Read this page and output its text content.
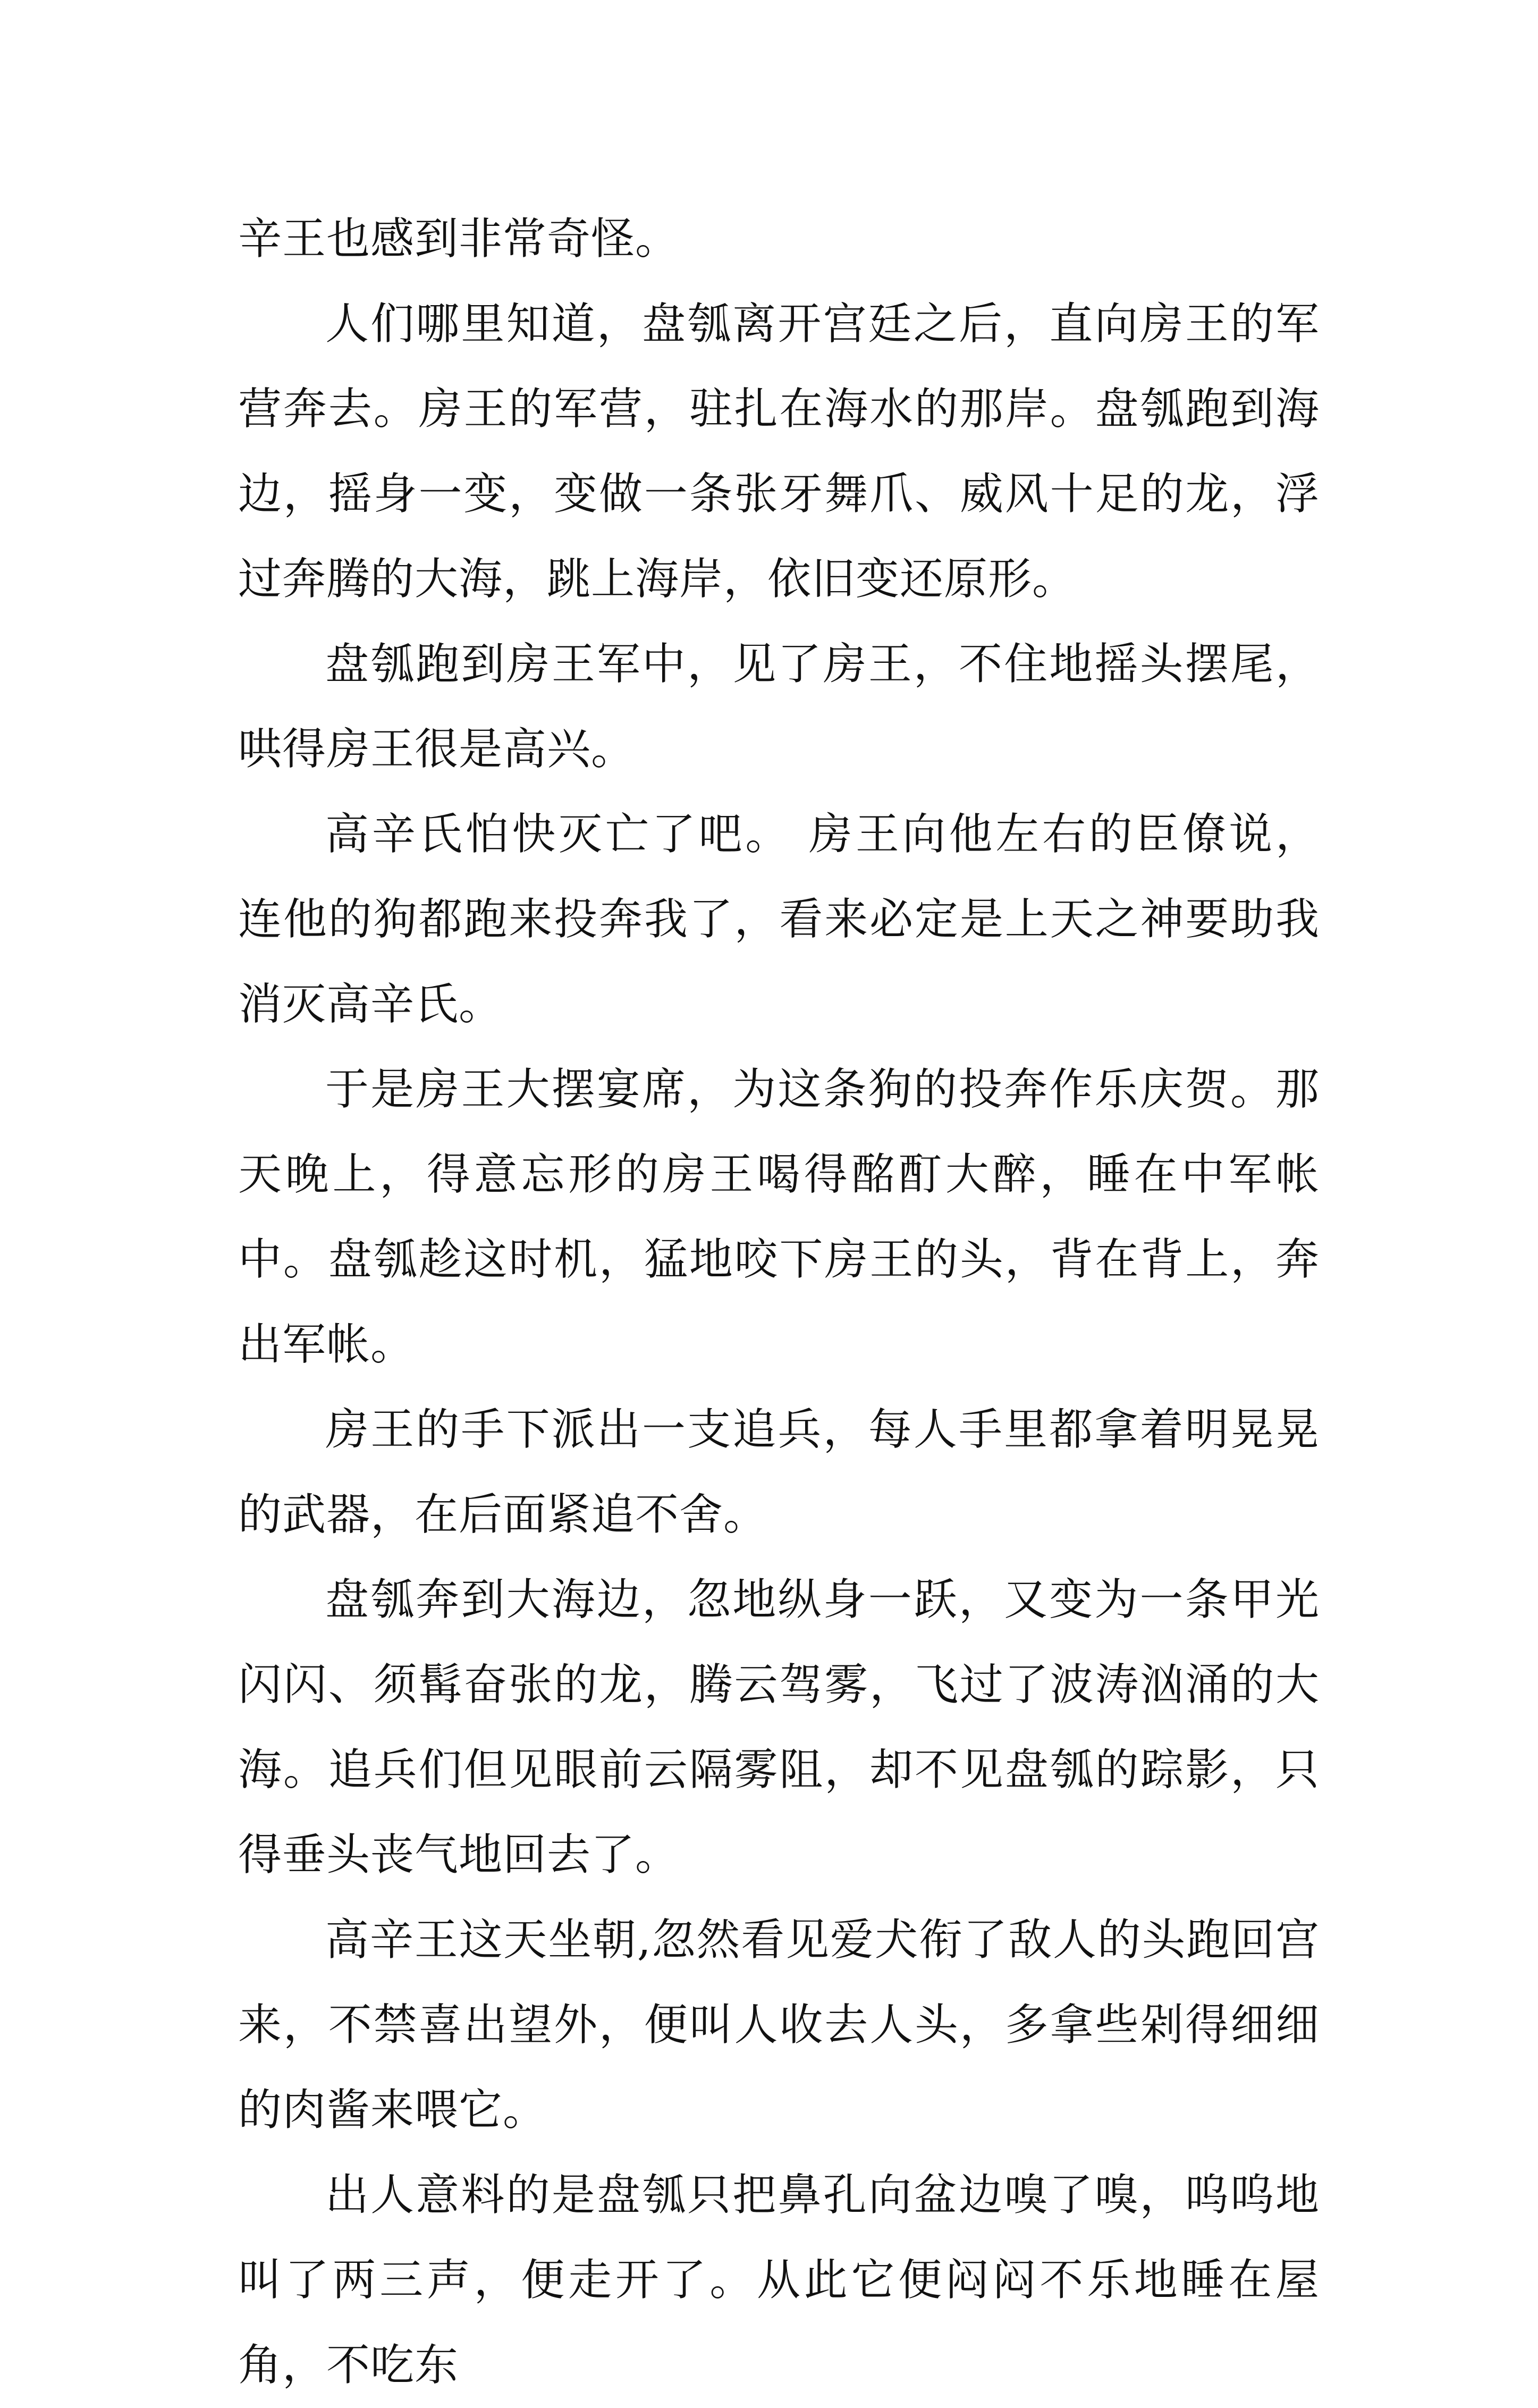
辛王也感到非常奇怪。

人们哪里知道，盘瓠离开宫廷之后，直向房王的军营奔去。房王的军营，驻扎在海水的那岸。盘瓠跑到海边，摇身一变，变做一条张牙舞爪、威风十足的龙，浮过奔腾的大海，跳上海岸，依旧变还原形。

盘瓠跑到房王军中，见了房王，不住地摇头摆尾，哄得房王很是高兴。

高辛氏怕快灭亡了吧。 房王向他左右的臣僚说， 连他的狗都跑来投奔我了，看来必定是上天之神要助我消灭高辛氏。

于是房王大摆宴席，为这条狗的投奔作乐庆贺。那天晚上，得意忘形的房王喝得酩酊大醉，睡在中军帐中。盘瓠趁这时机，猛地咬下房王的头，背在背上，奔出军帐。

房王的手下派出一支追兵，每人手里都拿着明晃晃的武器，在后面紧追不舍。

盘瓠奔到大海边，忽地纵身一跃，又变为一条甲光闪闪、须髯奋张的龙，腾云驾雾，飞过了波涛汹涌的大海。追兵们但见眼前云隔雾阻，却不见盘瓠的踪影，只得垂头丧气地回去了。

高辛王这天坐朝,忽然看见爱犬衔了敌人的头跑回宫来，不禁喜出望外，便叫人收去人头，多拿些剁得细细的肉酱来喂它。

出人意料的是盘瓠只把鼻孔向盆边嗅了嗅，呜呜地叫了两三声，便走开了。从此它便闷闷不乐地睡在屋角，不吃东
